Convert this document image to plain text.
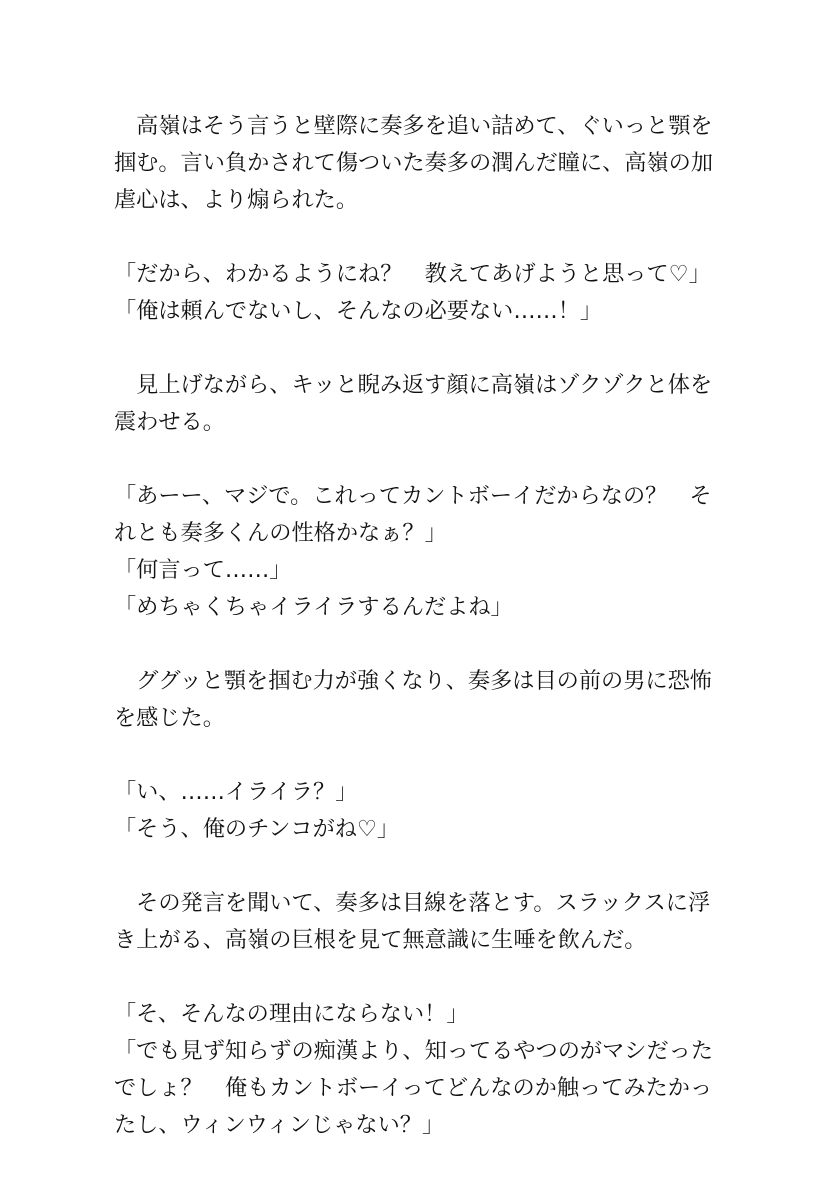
　高嶺はそう言うと壁際に奏多を追い詰めて、ぐいっと顎を
掴む。言い負かされて傷ついた奏多の潤んだ瞳に、高嶺の加
虐心は、より煽られた。
「だから、わかるようにね？　教えてあげようと思って♡」
「俺は頼んでないし、そんなの必要ない……！」
　見上げながら、キッと睨み返す顔に高嶺はゾクゾクと体を
震わせる。
「あーー、マジで。これってカントボーイだからなの？　そ
れとも奏多くんの性格かなぁ？」
「何言って……」
「めちゃくちゃイライラするんだよね」
　ググッと顎を掴む力が強くなり、奏多は目の前の男に恐怖
を感じた。
「い、……イライラ？」
「そう、俺のチンコがね♡」
　その発言を聞いて、奏多は目線を落とす。スラックスに浮
き上がる、高嶺の巨根を見て無意識に生唾を飲んだ。
「そ、そんなの理由にならない！」
「でも見ず知らずの痴漢より、知ってるやつのがマシだった
でしょ？　俺もカントボーイってどんなのか触ってみたかっ
たし、ウィンウィンじゃない？」
